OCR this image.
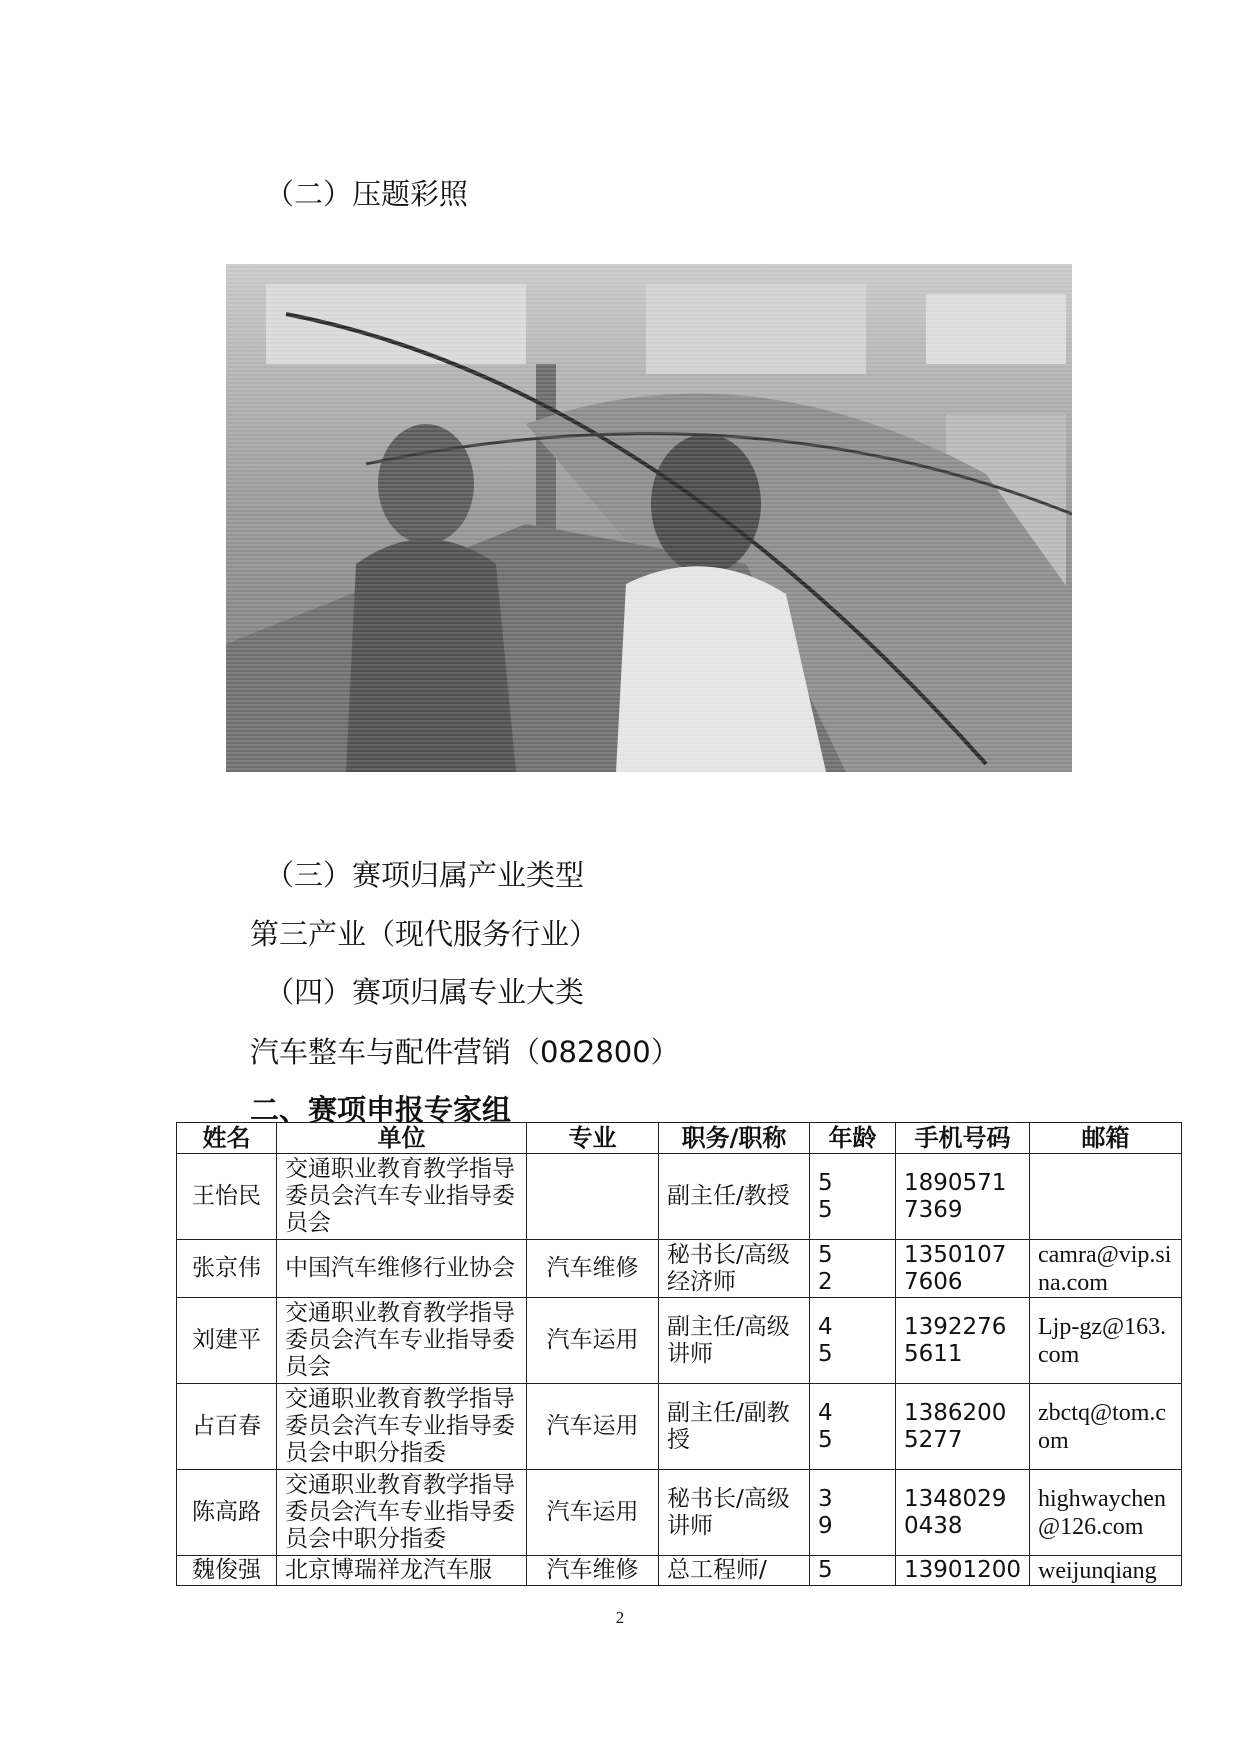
（二）压题彩照
（三）赛项归属产业类型
第三产业（现代服务行业）
（四）赛项归属专业大类
汽车整车与配件营销（082800）
二、赛项申报专家组
姓名	单位	专业	职务/职称	年龄	手机号码	邮箱
王怡民	交通职业教育教学指导委员会汽车专业指导委员会		副主任/教授	55	18905717369	
张京伟	中国汽车维修行业协会	汽车维修	秘书长/高级经济师	52	13501077606	camra@vip.sina.com
刘建平	交通职业教育教学指导委员会汽车专业指导委员会	汽车运用	副主任/高级讲师	45	13922765611	Ljp-gz@163.com
占百春	交通职业教育教学指导委员会汽车专业指导委员会中职分指委	汽车运用	副主任/副教授	45	13862005277	zbctq@tom.com
陈高路	交通职业教育教学指导委员会汽车专业指导委员会中职分指委	汽车运用	秘书长/高级讲师	39	13480290438	highwaychen@126.com
魏俊强	北京博瑞祥龙汽车服	汽车维修	总工程师/	5	13901200	weijunqiang
2
